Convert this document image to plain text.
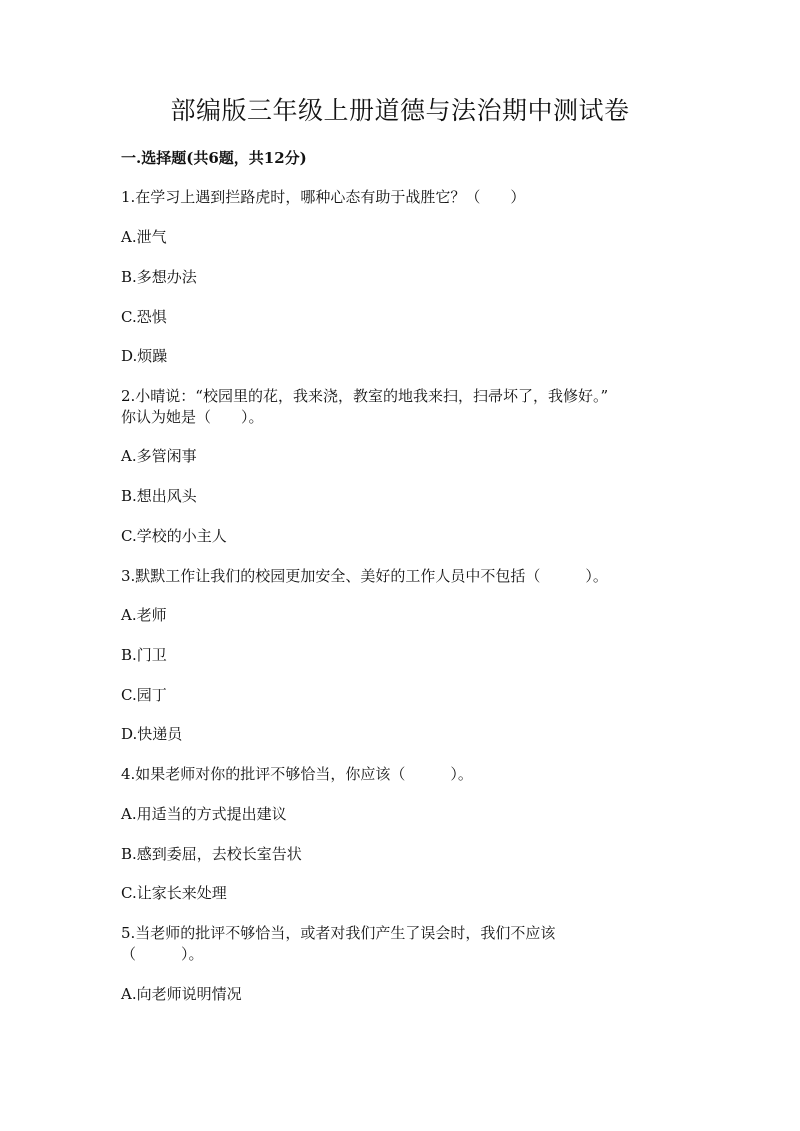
部编版三年级上册道德与法治期中测试卷
一.选择题(共6题，共12分)
1.在学习上遇到拦路虎时，哪种心态有助于战胜它？（　　）
A.泄气
B.多想办法
C.恐惧
D.烦躁
2.小晴说：“校园里的花，我来浇，教室的地我来扫，扫帚坏了，我修好。”
你认为她是（　　）。
A.多管闲事
B.想出风头
C.学校的小主人
3.默默工作让我们的校园更加安全、美好的工作人员中不包括（　　　）。
A.老师
B.门卫
C.园丁
D.快递员
4.如果老师对你的批评不够恰当，你应该（　　　）。
A.用适当的方式提出建议
B.感到委屈，去校长室告状
C.让家长来处理
5.当老师的批评不够恰当，或者对我们产生了误会时，我们不应该
（　　　）。
A.向老师说明情况
